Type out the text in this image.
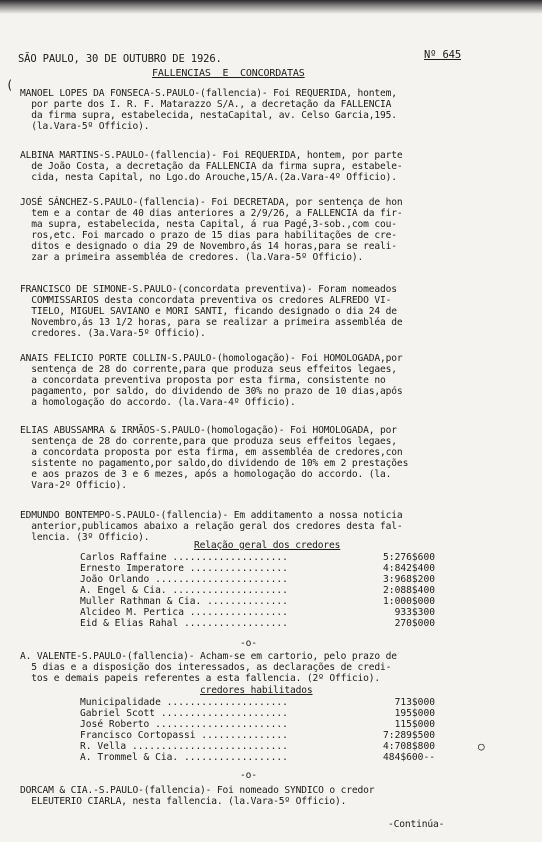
SÃO PAULO, 30 DE OUTUBRO DE 1926.	Nº 645
FALLENCIAS  E  CONCORDATAS
MANOEL LOPES DA FONSECA-S.PAULO-(fallencia)- Foi REQUERIDA, hontem,
por parte dos I. R. F. Matarazzo S/A., a decretação da FALLENCIA
da firma supra, estabelecida, nestaCapital, av. Celso Garcia,195.
(la.Vara-5º Officio).
ALBINA MARTINS-S.PAULO-(fallencia)- Foi REQUERIDA, hontem, por parte
de João Costa, a decretação da FALLENCIA da firma supra, estabele-
cida, nesta Capital, no Lgo.do Arouche,15/A.(2a.Vara-4º Officio).
JOSÉ SÁNCHEZ-S.PAULO-(fallencia)- Foi DECRETADA, por sentença de hon
tem e a contar de 40 dias anteriores a 2/9/26, a FALLENCIA da fir-
ma supra, estabelecida, nesta Capital, á rua Pagé,3-sob.,com cou-
ros,etc. Foi marcado o prazo de 15 dias para habilitações de cre-
ditos e designado o dia 29 de Novembro,ás 14 horas,para se reali-
zar a primeira assembléa de credores. (la.Vara-5º Officio).
FRANCISCO DE SIMONE-S.PAULO-(concordata preventiva)- Foram nomeados
COMMISSARIOS desta concordata preventiva os credores ALFREDO VI-
TIELO, MIGUEL SAVIANO e MORI SANTI, ficando designado o dia 24 de
Novembro,ás 13 1/2 horas, para se realizar a primeira assembléa de
credores. (3a.Vara-5º Officio).
ANAIS FELICIO PORTE COLLIN-S.PAULO-(homologação)- Foi HOMOLOGADA,por
sentença de 28 do corrente,para que produza seus effeitos legaes,
a concordata preventiva proposta por esta firma, consistente no
pagamento, por saldo, do dividendo de 30% no prazo de 10 dias,após
a homologação do accordo. (la.Vara-4º Officio).
ELIAS ABUSSAMRA & IRMÃOS-S.PAULO-(homologação)- Foi HOMOLOGADA, por
sentença de 28 do corrente,para que produza seus effeitos legaes,
a concordata proposta por esta firma, em assembléa de credores,con
sistente no pagamento,por saldo,do dividendo de 10% em 2 prestações
e aos prazos de 3 e 6 mezes, após a homologação do accordo. (la.
Vara-2º Officio).
EDMUNDO BONTEMPO-S.PAULO-(fallencia)- Em additamento a nossa noticia
anterior,publicamos abaixo a relação geral dos credores desta fal-
lencia. (3º Officio).
Relação geral dos credores
Carlos Raffaine ....................	5:276$600
Ernesto Imperatore .................	4:842$400
João Orlando .......................	3:968$200
A. Engel & Cia. ....................	2:088$400
Muller Rathman & Cia. ..............	1:000$000
Alcideo M. Pertica .................	933$300
Eid & Elias Rahal ..................	270$000
-o-
A. VALENTE-S.PAULO-(fallencia)- Acham-se em cartorio, pelo prazo de
5 dias e a disposição dos interessados, as declarações de credi-
tos e demais papeis referentes a esta fallencia. (2º Officio).
credores habilitados
Municipalidade .....................	713$000
Gabriel Scott ......................	195$000
José Roberto .......................	115$000
Francisco Cortopassi ...............	7:289$500
R. Vella ...........................	4:708$800
A. Trommel & Cia. ..................	484$600--
-o-
DORCAM & CIA.-S.PAULO-(fallencia)- Foi nomeado SYNDICO o credor
ELEUTERIO CIARLA, nesta fallencia. (la.Vara-5º Officio).
-Continúa-
(
○
